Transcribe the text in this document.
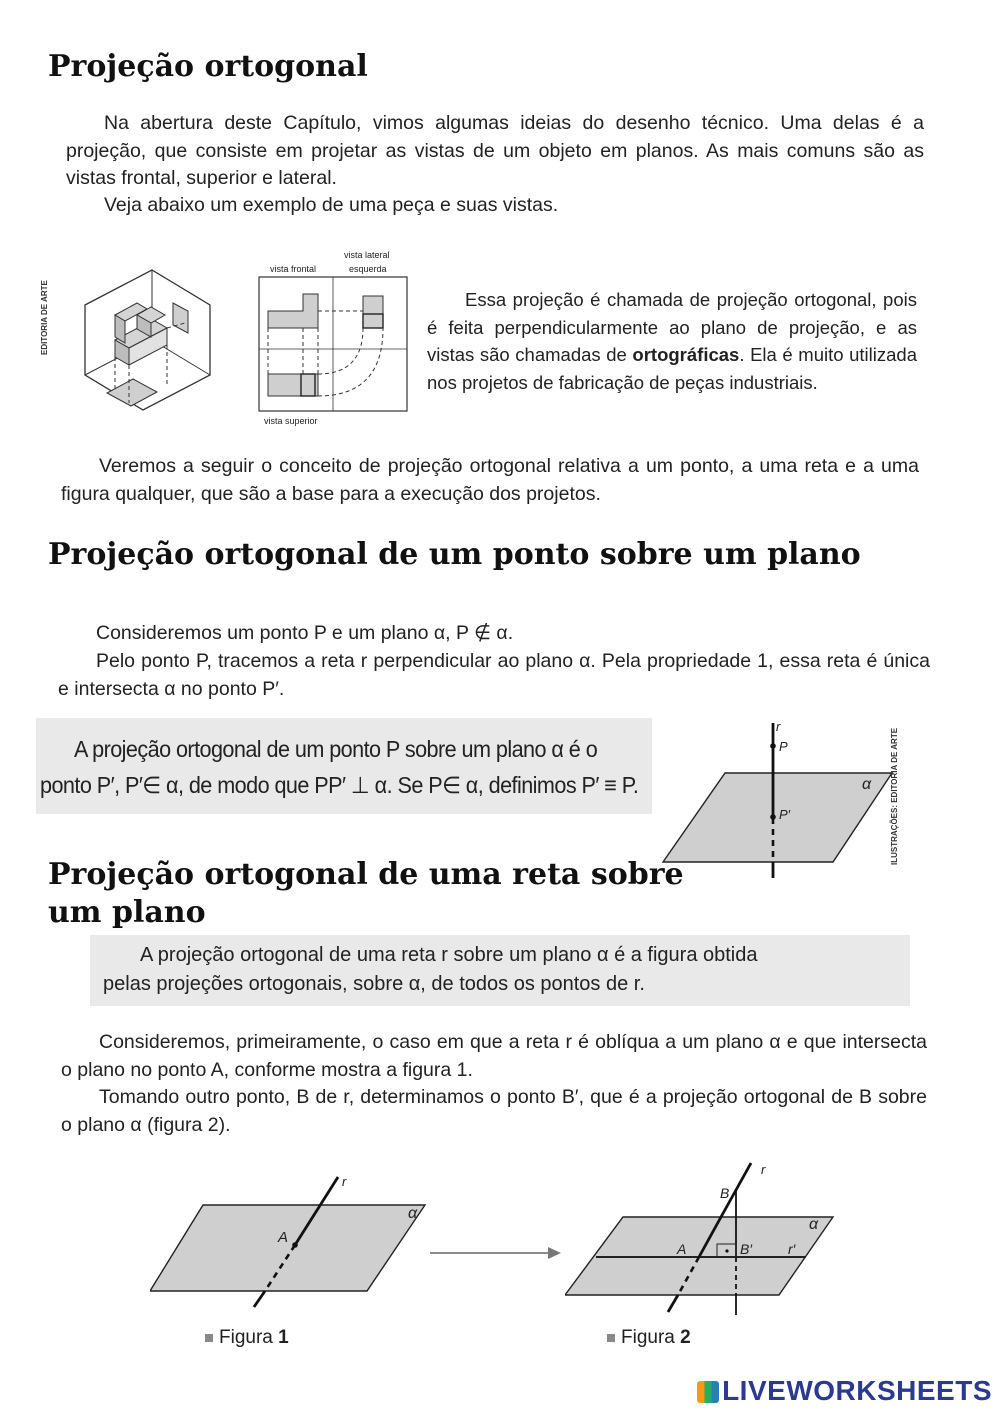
Projeção ortogonal

Na abertura deste Capítulo, vimos algumas ideias do desenho técnico. Uma delas é a projeção, que consiste em projetar as vistas de um objeto em planos. As mais comuns são as vistas frontal, superior e lateral.

Veja abaixo um exemplo de uma peça e suas vistas.

EDITORIA DE ARTE
vista frontal
vista lateral
esquerda
vista superior

Essa projeção é chamada de projeção ortogonal, pois é feita perpendicularmente ao plano de projeção, e as vistas são chamadas de ortográficas. Ela é muito utilizada nos projetos de fabricação de peças industriais.

Veremos a seguir o conceito de projeção ortogonal relativa a um ponto, a uma reta e a uma figura qualquer, que são a base para a execução dos projetos.

Projeção ortogonal de um ponto sobre um plano

Consideremos um ponto P e um plano α, P ∉ α.

Pelo ponto P, tracemos a reta r perpendicular ao plano α. Pela propriedade 1, essa reta é única e intersecta α no ponto P′.

A projeção ortogonal de um ponto P sobre um plano α é o
ponto P′, P′∈ α, de modo que PP′ ⊥ α. Se P∈ α, definimos P′ ≡ P.
r
P
P′
α ILUSTRAÇÕES: EDITORIA DE ARTE
Projeção ortogonal de uma reta sobre
um plano
A projeção ortogonal de uma reta r sobre um plano α é a figura obtida
pelas projeções ortogonais, sobre α, de todos os pontos de r.

Consideremos, primeiramente, o caso em que a reta r é oblíqua a um plano α e que intersecta o plano no ponto A, conforme mostra a figura 1.

Tomando outro ponto, B de r, determinamos o ponto B′, que é a projeção ortogonal de B sobre o plano α (figura 2).

r
A
α
r
B
A	B′	r′
α
Figura 1	Figura 2
LIVEWORKSHEETS
